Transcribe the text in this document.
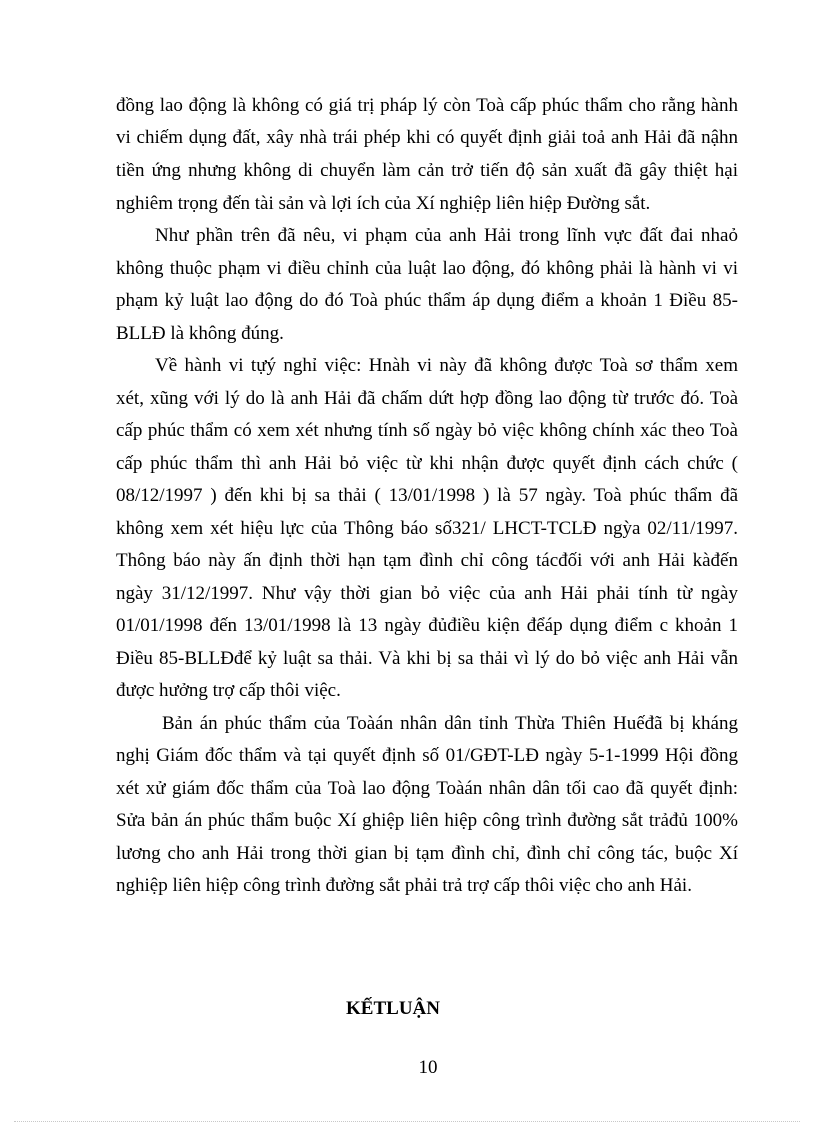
đồng lao động là không có giá trị pháp lý còn Toà cấp phúc thẩm cho rằng hành
vi chiếm dụng đất, xây nhà trái phép khi có quyết định giải toả anh Hải đã nậhn
tiền ứng nhưng không di chuyển làm cản trở tiến độ sản xuất đã gây thiệt hại
nghiêm trọng đến tài sản và lợi ích của Xí nghiệp liên hiệp Đường sắt.
Như phần trên đã nêu, vi phạm của anh Hải trong lĩnh vực đất đai nhaỏ
không thuộc phạm vi điều chỉnh của luật lao động, đó không phải là hành vi vi
phạm kỷ luật lao động do đó Toà phúc thẩm áp dụng điểm a khoản 1 Điều 85-
BLLĐ là không đúng.
Về hành vi tựý nghỉ việc: Hnàh vi này đã không được Toà sơ thẩm xem
xét, xũng với lý do là anh Hải đã chấm dứt hợp đồng lao động từ trước đó. Toà
cấp phúc thẩm có xem xét nhưng tính số ngày bỏ việc không chính xác theo Toà
cấp phúc thẩm thì anh Hải bỏ việc từ khi nhận được quyết định cách chức (
08/12/1997 ) đến khi bị sa thải ( 13/01/1998 ) là 57 ngày. Toà phúc thẩm đã
không xem xét hiệu lực của Thông báo số321/ LHCT-TCLĐ ngỳa 02/11/1997.
Thông báo này ấn định thời hạn tạm đình chỉ công tácđối với anh Hải kàđến
ngày 31/12/1997. Như vậy thời gian bỏ việc của anh Hải phải tính từ ngày
01/01/1998 đến 13/01/1998 là 13 ngày đủđiều kiện đểáp dụng điểm c khoản 1
Điều 85-BLLĐđể kỷ luật sa thải. Và khi bị sa thải vì lý do bỏ việc anh Hải vẫn
được hưởng trợ cấp thôi việc.
Bản án phúc thẩm của Toàán nhân dân tỉnh Thừa Thiên Huếđã bị kháng
nghị Giám đốc thẩm và tại quyết định số 01/GĐT-LĐ ngày 5-1-1999 Hội đồng
xét xử giám đốc thẩm của Toà lao động Toàán nhân dân tối cao đã quyết định:
Sửa bản án phúc thẩm buộc Xí ghiệp liên hiệp công trình đường sắt trảđủ 100%
lương cho anh Hải trong thời gian bị tạm đình chỉ, đình chỉ công tác, buộc Xí
nghiệp liên hiệp công trình đường sắt phải trả trợ cấp thôi việc cho anh Hải.
KẾTLUẬN
10
